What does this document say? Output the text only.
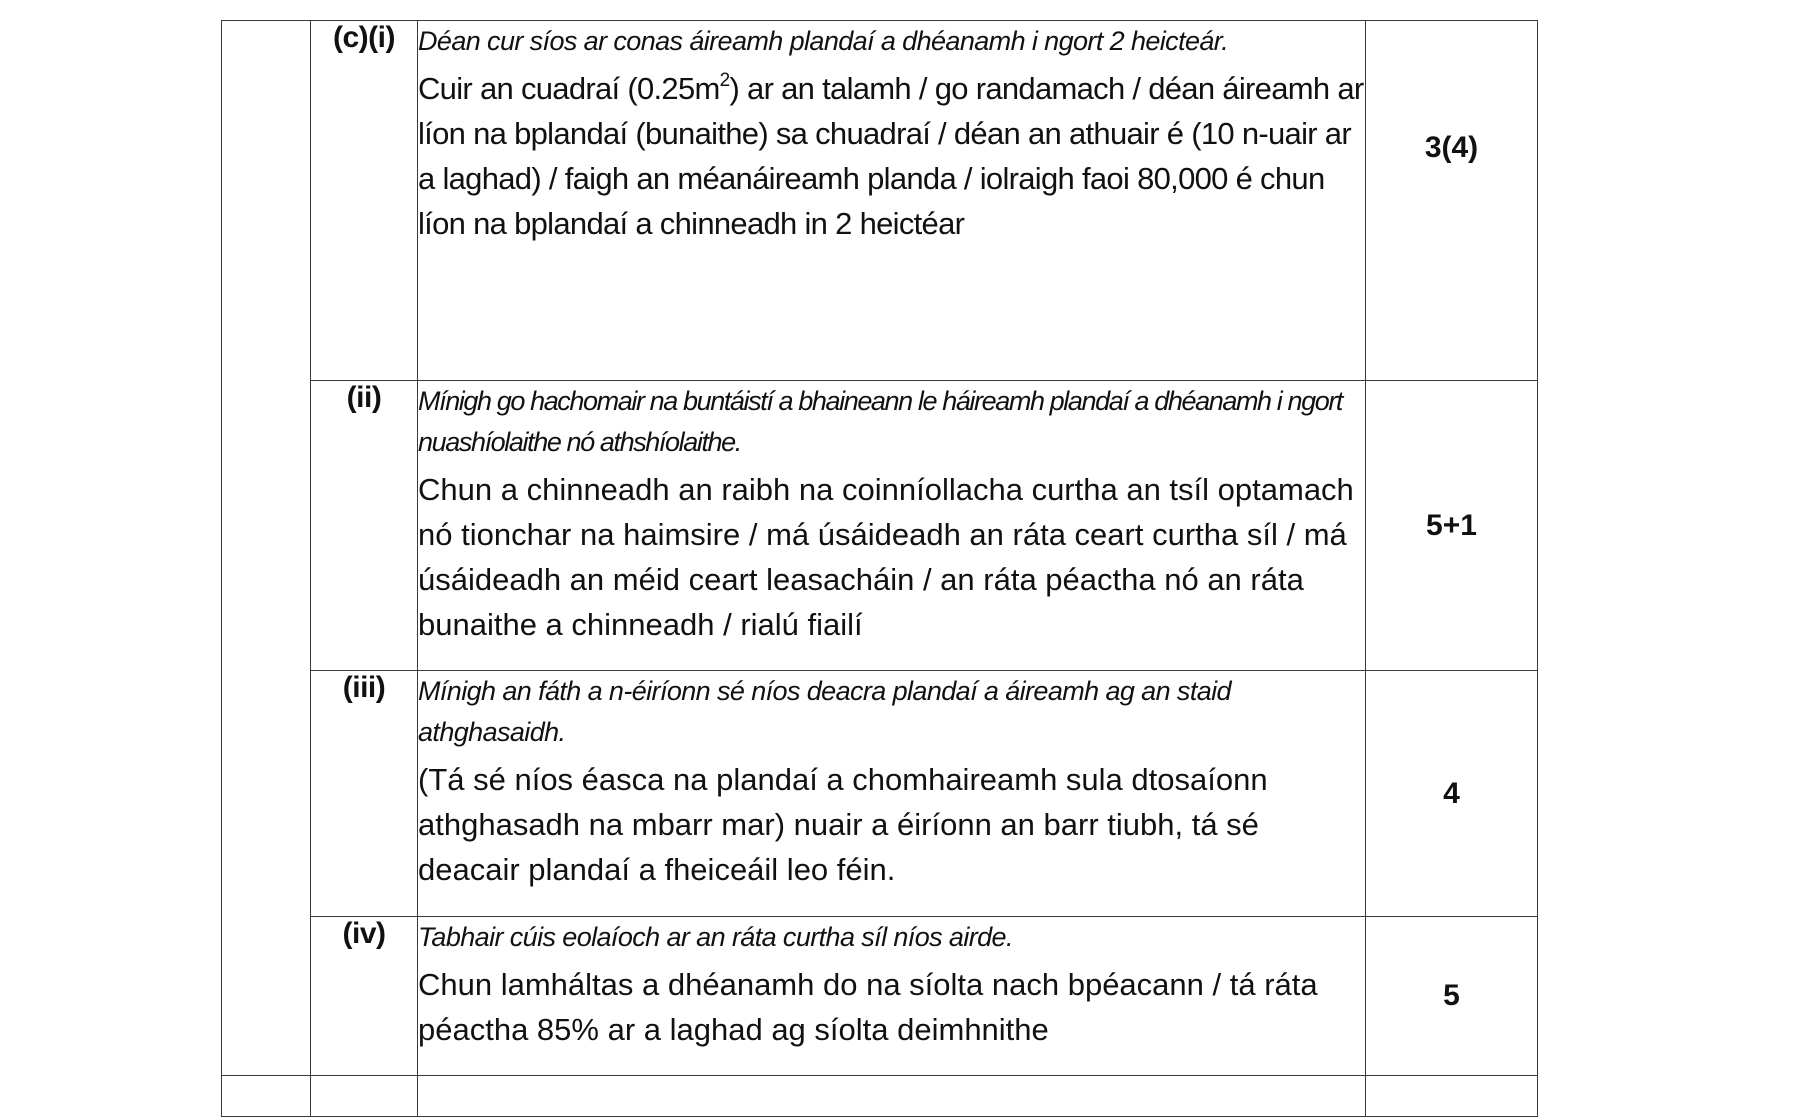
	(c)(i)	Déan cur síos ar conas áireamh plandaí a dhéanamh i ngort 2 heicteár.
Cuir an cuadraí $(0.25m^2)$ ar an talamh / go randamach / déan áireamh ar líon na bplandaí (bunaithe) sa chuadraí / déan an athuair é (10 n-uair ar a laghad) / faigh an méanáireamh planda / iolraigh faoi 80,000 é chun líon na bplandaí a chinneadh in 2 heictéar	3(4)
	(ii)	Mínigh go hachomair na buntáistí a bhaineann le háireamh plandaí a dhéanamh i ngort nuashíolaithe nó athshíolaithe.
Chun a chinneadh an raibh na coinníollacha curtha an tsíl optamach nó tionchar na haimsire / má úsáideadh an ráta ceart curtha síl / má úsáideadh an méid ceart leasacháin / an ráta péactha nó an ráta bunaithe a chinneadh / rialú fiailí	5+1
	(iii)	Mínigh an fáth a n-éiríonn sé níos deacra plandaí a áireamh ag an staid athghasaidh.
(Tá sé níos éasca na plandaí a chomhaireamh sula dtosaíonn athghasadh na mbarr mar) nuair a éiríonn an barr tiubh, tá sé deacair plandaí a fheiceáil leo féin.	4
	(iv)	Tabhair cúis eolaíoch ar an ráta curtha síl níos airde.
Chun lamháltas a dhéanamh do na síolta nach bpéacann / tá ráta péactha 85% ar a laghad ag síolta deimhnithe	5
